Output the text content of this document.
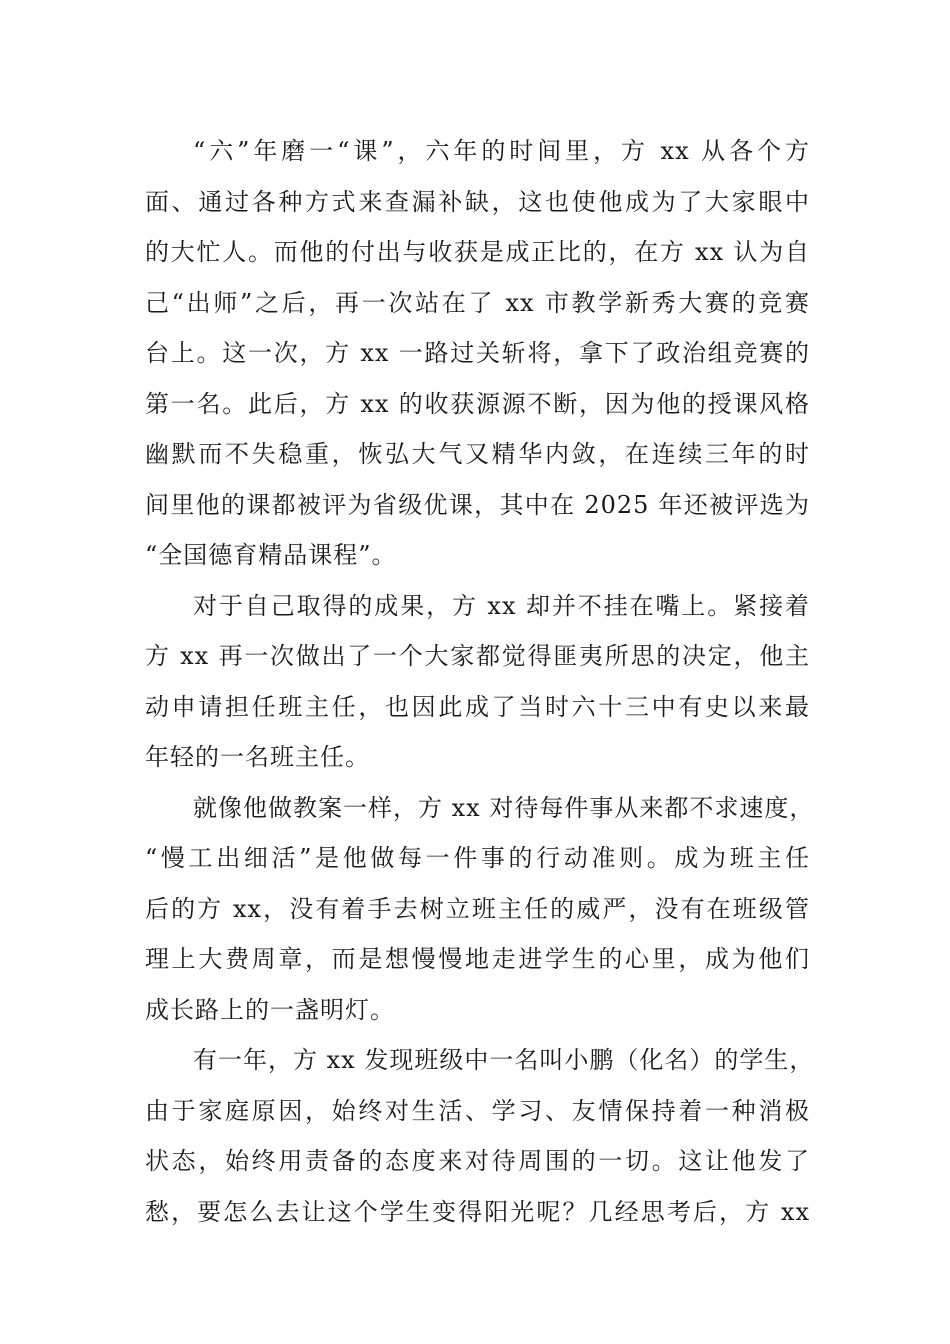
“六”年磨一“课”，六年的时间里，方 xx 从各个方
面、通过各种方式来查漏补缺，这也使他成为了大家眼中
的大忙人。而他的付出与收获是成正比的，在方 xx 认为自
己“出师”之后，再一次站在了 xx 市教学新秀大赛的竞赛
台上。这一次，方 xx 一路过关斩将，拿下了政治组竞赛的
第一名。此后，方 xx 的收获源源不断，因为他的授课风格
幽默而不失稳重，恢弘大气又精华内敛，在连续三年的时
间里他的课都被评为省级优课，其中在 2025 年还被评选为
“全国德育精品课程”。
对于自己取得的成果，方 xx 却并不挂在嘴上。紧接着
方 xx 再一次做出了一个大家都觉得匪夷所思的决定，他主
动申请担任班主任，也因此成了当时六十三中有史以来最
年轻的一名班主任。
就像他做教案一样，方 xx 对待每件事从来都不求速度，
“慢工出细活”是他做每一件事的行动准则。成为班主任
后的方 xx，没有着手去树立班主任的威严，没有在班级管
理上大费周章，而是想慢慢地走进学生的心里，成为他们
成长路上的一盏明灯。
有一年，方 xx 发现班级中一名叫小鹏（化名）的学生，
由于家庭原因，始终对生活、学习、友情保持着一种消极
状态，始终用责备的态度来对待周围的一切。这让他发了
愁，要怎么去让这个学生变得阳光呢？几经思考后，方 xx
